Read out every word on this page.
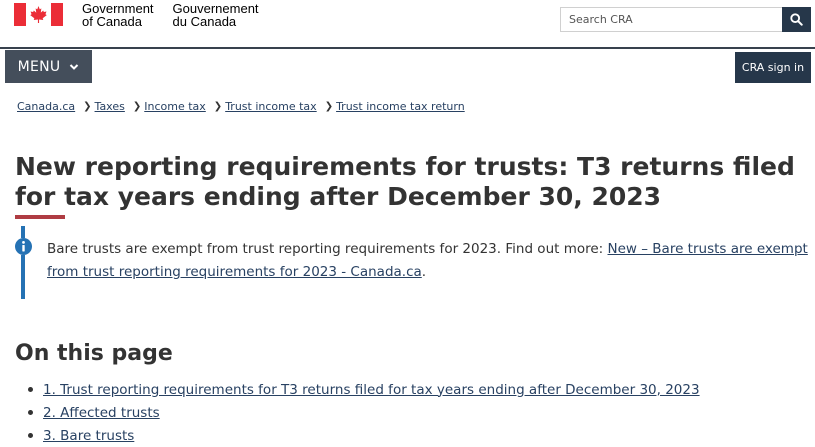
Government
of Canada
Gouvernement
du Canada
Search CRA
MENU	CRA sign in
Canada.ca ❯ Taxes ❯ Income tax ❯ Trust income tax ❯ Trust income tax return
New reporting requirements for trusts: T3 returns filed for tax years ending after December 30, 2023

Bare trusts are exempt from trust reporting requirements for 2023. Find out more: New – Bare trusts are exempt from trust reporting requirements for 2023 - Canada.ca.

On this page
1. Trust reporting requirements for T3 returns filed for tax years ending after December 30, 2023
2. Affected trusts
3. Bare trusts
